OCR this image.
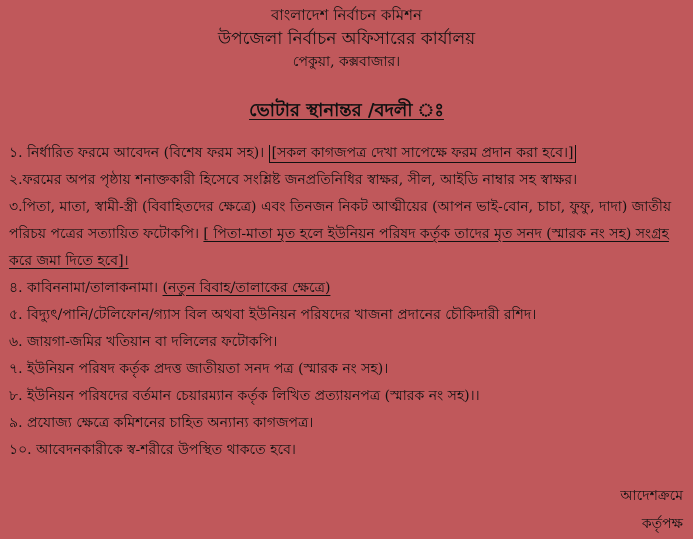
বাংলাদেশ নির্বাচন কমিশন
উপজেলা নির্বাচন অফিসারের কার্যালয়
পেকুয়া, কক্সবাজার।
ভোটার স্থানান্তর /বদলী ঃ

১. নির্ধারিত ফরমে আবেদন (বিশেষ ফরম সহ)। [সকল কাগজপত্র দেখা সাপেক্ষে ফরম প্রদান করা হবে।]

২.ফরমের অপর পৃষ্ঠায় শনাক্তকারী হিসেবে সংশ্লিষ্ট জনপ্রতিনিধির স্বাক্ষর, সীল, আইডি নাম্বার সহ স্বাক্ষর।

৩.পিতা, মাতা, স্বামী-স্ত্রী (বিবাহিতদের ক্ষেত্রে) এবং তিনজন নিকট আত্মীয়ের (আপন ভাই-বোন, চাচা, ফুফু, দাদা) জাতীয় পরিচয় পত্রের সত্যায়িত ফটোকপি। [ পিতা-মাতা মৃত হলে ইউনিয়ন পরিষদ কর্তৃক তাদের মৃত সনদ (স্মারক নং সহ) সংগ্রহ করে জমা দিতে হবে]।

৪. কাবিননামা/তালাকনামা। (নতুন বিবাহ/তালাকের ক্ষেত্রে)

৫. বিদ্যুৎ/পানি/টেলিফোন/গ্যাস বিল অথবা ইউনিয়ন পরিষদের খাজনা প্রদানের চৌকিদারী রশিদ।

৬. জায়গা-জমির খতিয়ান বা দলিলের ফটোকপি।

৭. ইউনিয়ন পরিষদ কর্তৃক প্রদত্ত জাতীয়তা সনদ পত্র (স্মারক নং সহ)।

৮. ইউনিয়ন পরিষদের বর্তমান চেয়ারম্যান কর্তৃক লিখিত প্রত্যায়নপত্র (স্মারক নং সহ)।।

৯. প্রযোজ্য ক্ষেত্রে কমিশনের চাহিত অন্যান্য কাগজপত্র।

১০. আবেদনকারীকে স্ব-শরীরে উপস্থিত থাকতে হবে।

আদেশক্রমে
কর্তৃপক্ষ
